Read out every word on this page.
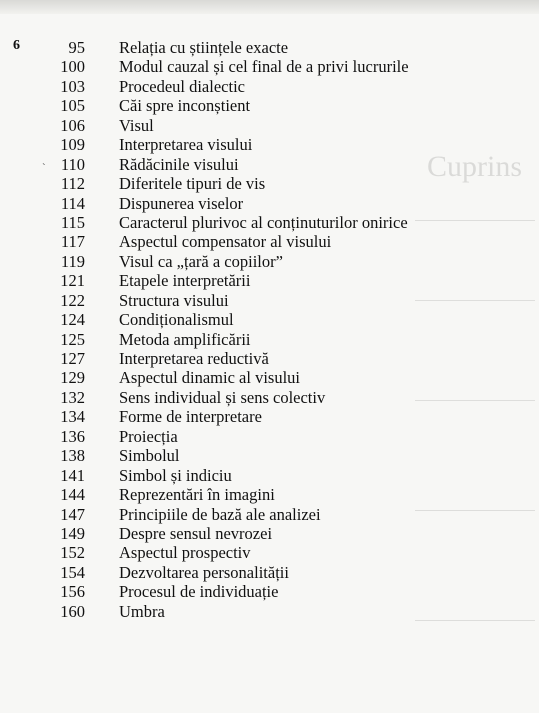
Cuprins
6
ˋ
95 Relația cu științele exacte
100 Modul cauzal și cel final de a privi lucrurile
103 Procedeul dialectic
105 Căi spre inconștient
106 Visul
109 Interpretarea visului
110 Rădăcinile visului
112 Diferitele tipuri de vis
114 Dispunerea viselor
115 Caracterul plurivoc al conținuturilor onirice
117 Aspectul compensator al visului
119 Visul ca „țară a copiilor”
121 Etapele interpretării
122 Structura visului
124 Condiționalismul
125 Metoda amplificării
127 Interpretarea reductivă
129 Aspectul dinamic al visului
132 Sens individual și sens colectiv
134 Forme de interpretare
136 Proiecția
138 Simbolul
141 Simbol și indiciu
144 Reprezentări în imagini
147 Principiile de bază ale analizei
149 Despre sensul nevrozei
152 Aspectul prospectiv
154 Dezvoltarea personalității
156 Procesul de individuație
160 Umbra
